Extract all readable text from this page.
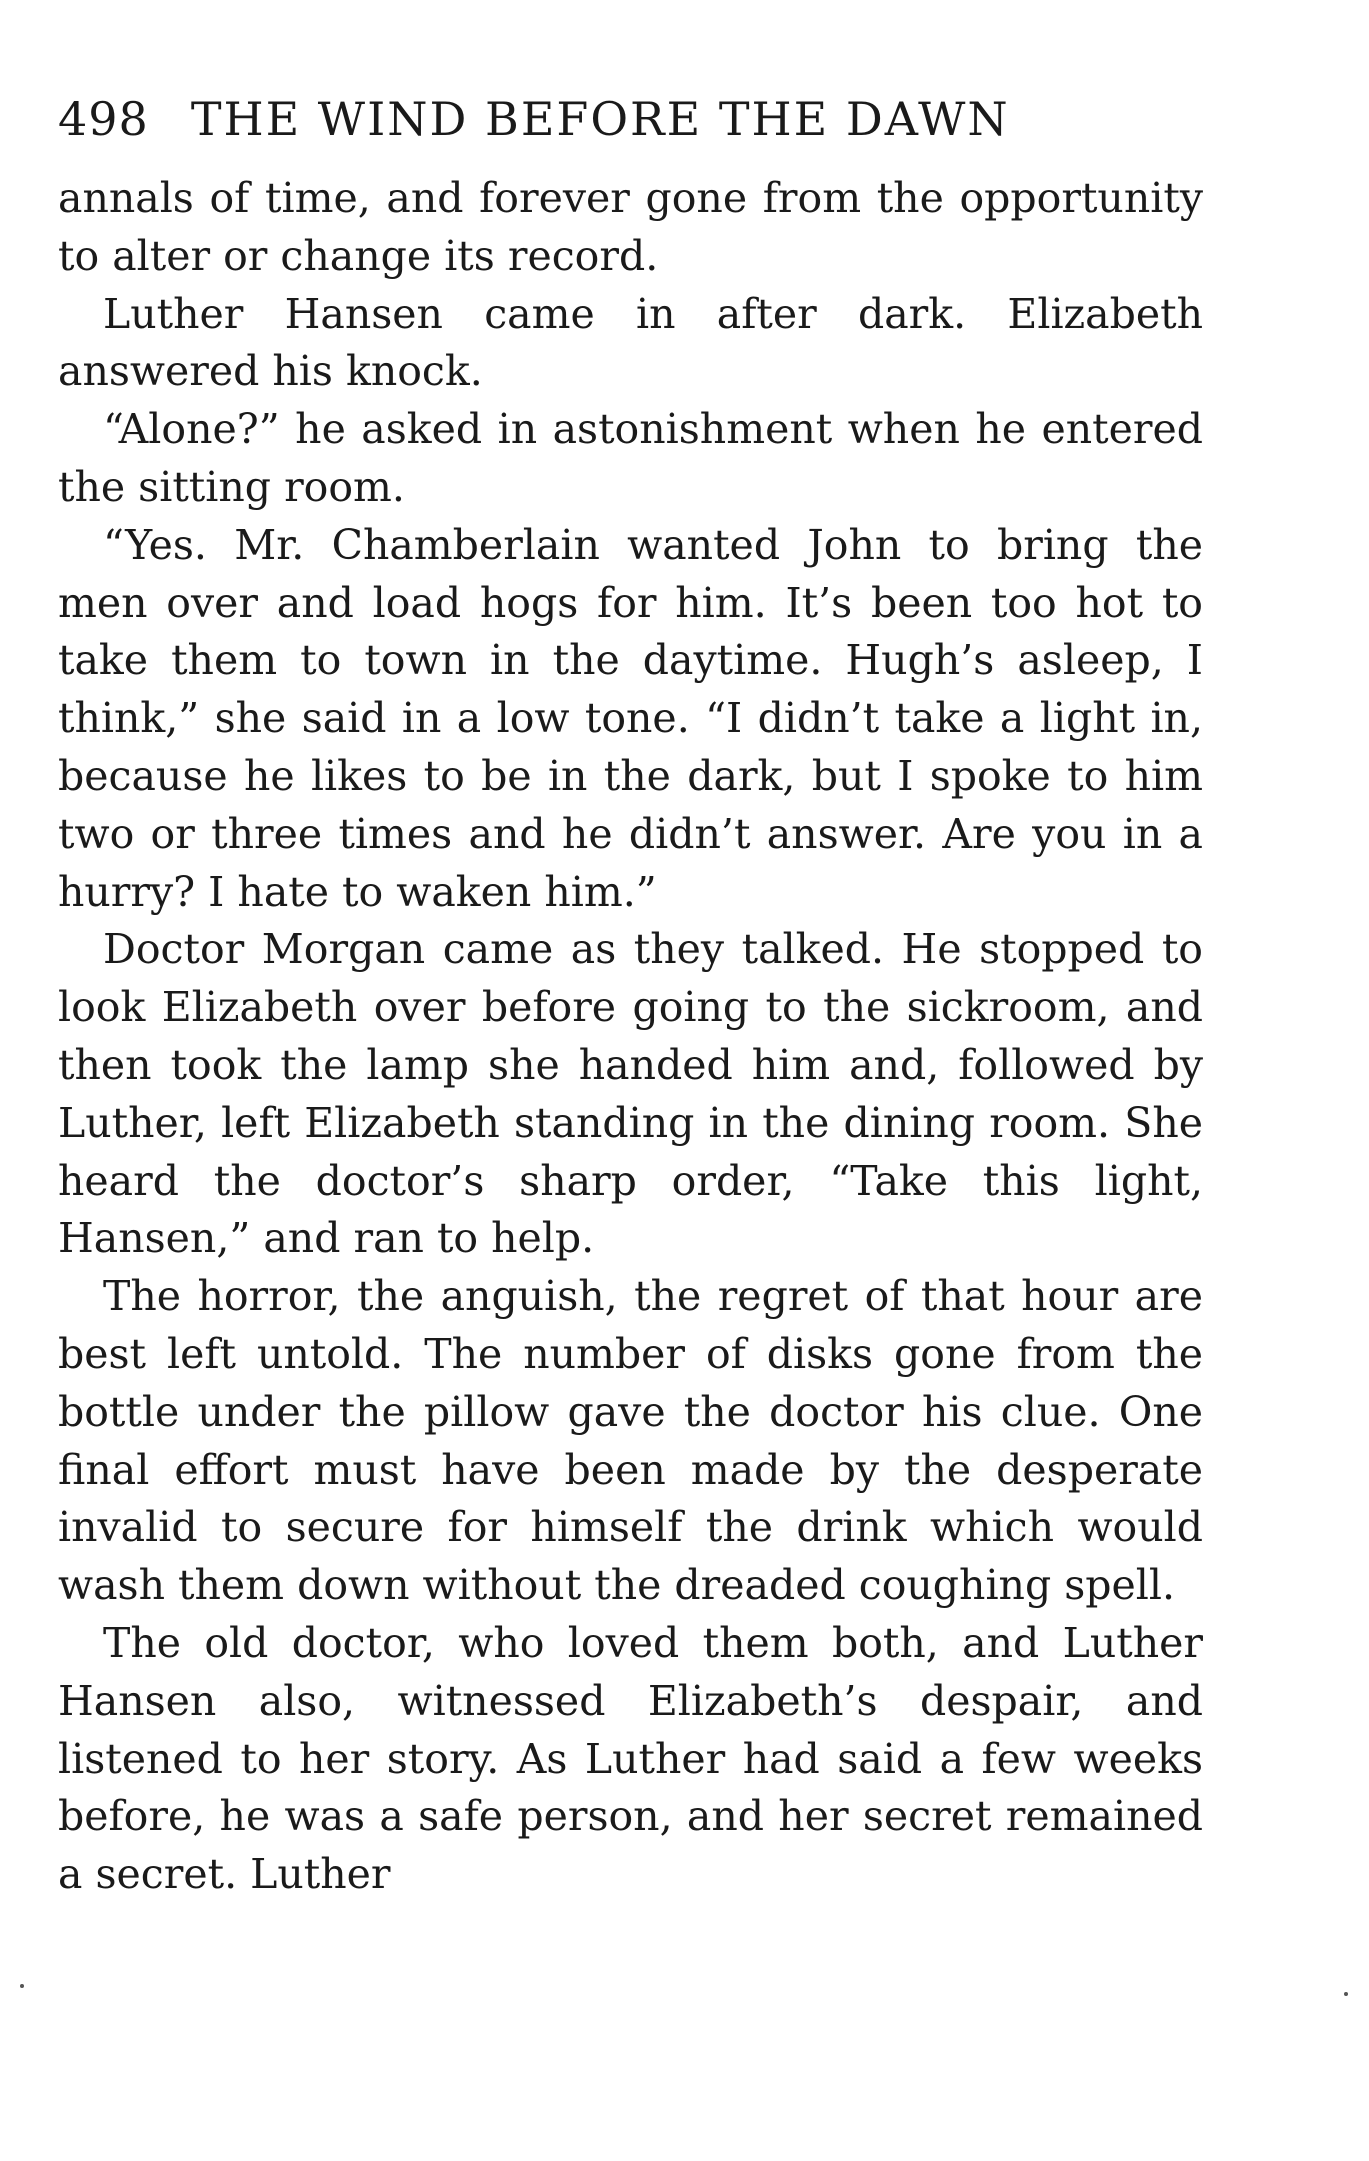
498 THE WIND BEFORE THE DAWN

annals of time, and forever gone from the opportunity to alter or change its record.

Luther Hansen came in after dark. Elizabeth answered his knock.

“Alone?” he asked in astonishment when he entered the sitting room.

“Yes. Mr. Chamberlain wanted John to bring the men over and load hogs for him. It’s been too hot to take them to town in the daytime. Hugh’s asleep, I think,” she said in a low tone. “I didn’t take a light in, because he likes to be in the dark, but I spoke to him two or three times and he didn’t answer. Are you in a hurry? I hate to waken him.”

Doctor Morgan came as they talked. He stopped to look Elizabeth over before going to the sickroom, and then took the lamp she handed him and, followed by Luther, left Elizabeth standing in the dining room. She heard the doctor’s sharp order, “Take this light, Hansen,” and ran to help.

The horror, the anguish, the regret of that hour are best left untold. The number of disks gone from the bottle under the pillow gave the doctor his clue. One final effort must have been made by the desperate invalid to secure for himself the drink which would wash them down without the dreaded coughing spell.

The old doctor, who loved them both, and Luther Hansen also, witnessed Elizabeth’s despair, and listened to her story. As Luther had said a few weeks before, he was a safe person, and her secret remained a secret. Luther
